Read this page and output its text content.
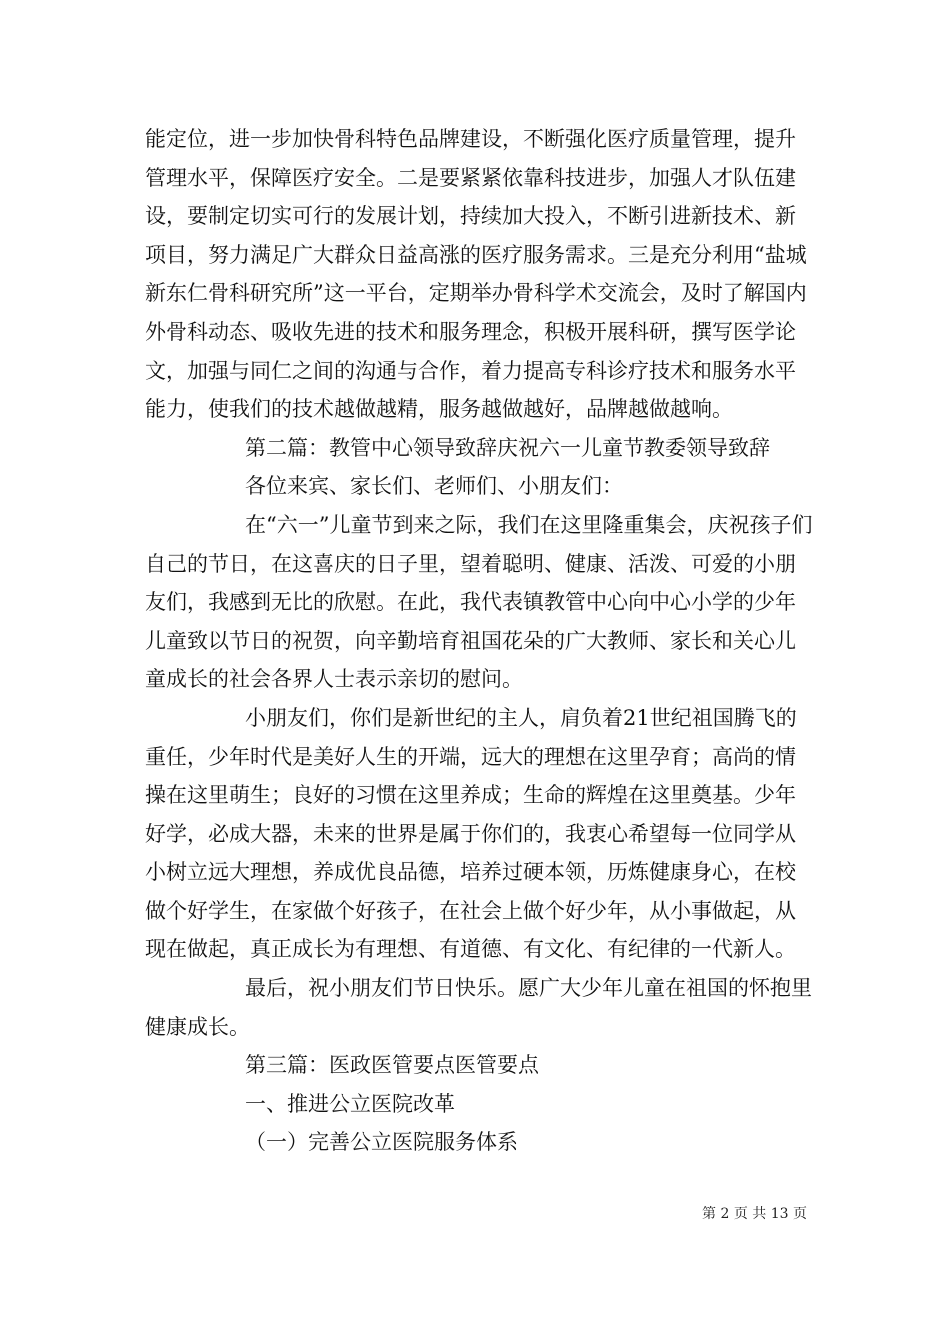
能定位，进一步加快骨科特色品牌建设，不断强化医疗质量管理，提升管理水平，保障医疗安全。二是要紧紧依靠科技进步，加强人才队伍建设，要制定切实可行的发展计划，持续加大投入，不断引进新技术、新项目，努力满足广大群众日益高涨的医疗服务需求。三是充分利用“盐城新东仁骨科研究所”这一平台，定期举办骨科学术交流会，及时了解国内外骨科动态、吸收先进的技术和服务理念，积极开展科研，撰写医学论文，加强与同仁之间的沟通与合作，着力提高专科诊疗技术和服务水平能力，使我们的技术越做越精，服务越做越好，品牌越做越响。

第二篇：教管中心领导致辞庆祝六一儿童节教委领导致辞

各位来宾、家长们、老师们、小朋友们：

在“六一”儿童节到来之际，我们在这里隆重集会，庆祝孩子们自己的节日，在这喜庆的日子里，望着聪明、健康、活泼、可爱的小朋友们，我感到无比的欣慰。在此，我代表镇教管中心向中心小学的少年儿童致以节日的祝贺，向辛勤培育祖国花朵的广大教师、家长和关心儿童成长的社会各界人士表示亲切的慰问。

小朋友们，你们是新世纪的主人，肩负着21世纪祖国腾飞的重任，少年时代是美好人生的开端，远大的理想在这里孕育；高尚的情操在这里萌生；良好的习惯在这里养成；生命的辉煌在这里奠基。少年好学，必成大器，未来的世界是属于你们的，我衷心希望每一位同学从小树立远大理想，养成优良品德，培养过硬本领，历炼健康身心，在校做个好学生，在家做个好孩子，在社会上做个好少年，从小事做起，从现在做起，真正成长为有理想、有道德、有文化、有纪律的一代新人。

最后，祝小朋友们节日快乐。愿广大少年儿童在祖国的怀抱里健康成长。

第三篇：医政医管要点医管要点

一、推进公立医院改革

（一）完善公立医院服务体系

第 2 页 共 13 页
